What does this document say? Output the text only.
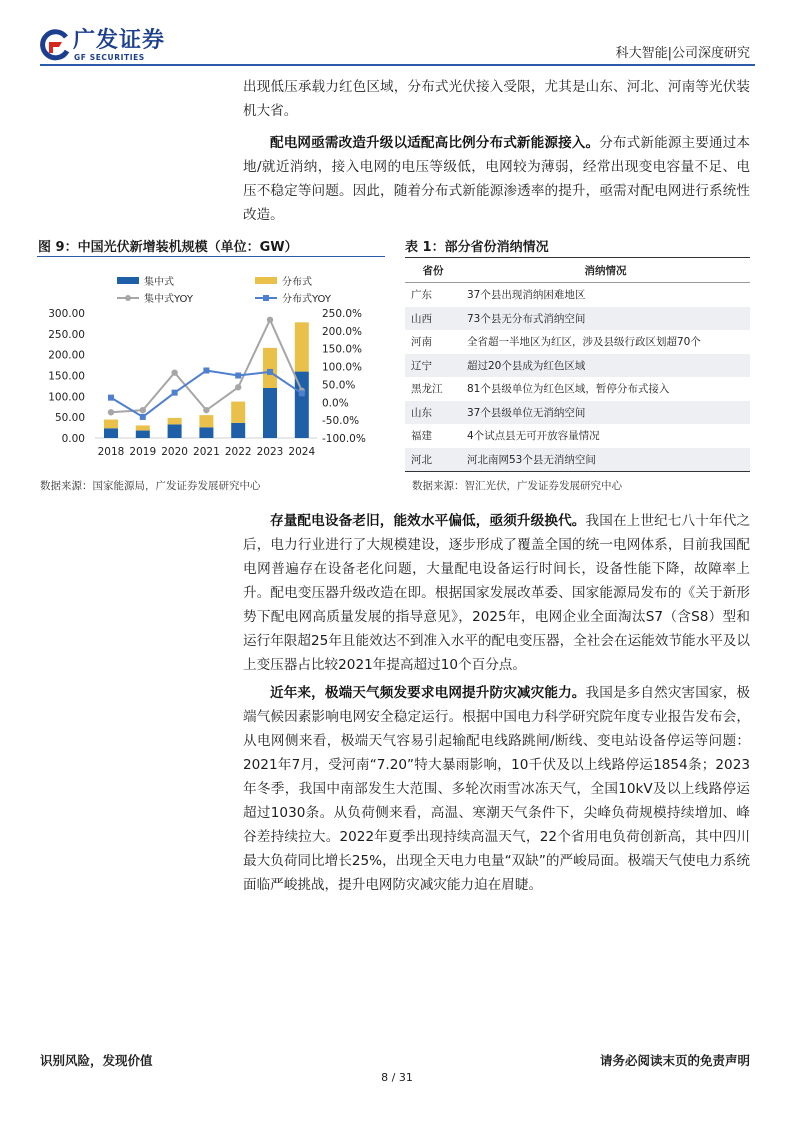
广发证券
GF SECURITIES	科大智能|公司深度研究

出现低压承载力红色区域，分布式光伏接入受限，尤其是山东、河北、河南等光伏装机大省。

配电网亟需改造升级以适配高比例分布式新能源接入。分布式新能源主要通过本地/就近消纳，接入电网的电压等级低，电网较为薄弱，经常出现变电容量不足、电压不稳定等问题。因此，随着分布式新能源渗透率的提升，亟需对配电网进行系统性改造。

图 9：中国光伏新增装机规模（单位：GW）
0.00
50.00
100.00
150.00
200.00
250.00
300.00
-100.0%
-50.0%
0.0%
50.0%
100.0%
150.0%
200.0%
250.0%
2018 2019 2020 2021 2022 2023 2024
集中式	分布式
集中式YOY	分布式YOY
数据来源：国家能源局，广发证券发展研究中心
表 1：部分省份消纳情况
省份	消纳情况
广东	37个县出现消纳困难地区
山西	73个县无分布式消纳空间
河南	全省超一半地区为红区，涉及县级行政区划超70个
辽宁	超过20个县成为红色区域
黑龙江	81个县级单位为红色区域，暂停分布式接入
山东	37个县级单位无消纳空间
福建	4个试点县无可开放容量情况
河北	河北南网53个县无消纳空间
数据来源：智汇光伏，广发证券发展研究中心

存量配电设备老旧，能效水平偏低，亟须升级换代。我国在上世纪七八十年代之后，电力行业进行了大规模建设，逐步形成了覆盖全国的统一电网体系，目前我国配电网普遍存在设备老化问题，大量配电设备运行时间长，设备性能下降，故障率上升。配电变压器升级改造在即。根据国家发展改革委、国家能源局发布的《关于新形势下配电网高质量发展的指导意见》，2025年，电网企业全面淘汰S7（含S8）型和运行年限超25年且能效达不到准入水平的配电变压器，全社会在运能效节能水平及以上变压器占比较2021年提高超过10个百分点。

近年来，极端天气频发要求电网提升防灾减灾能力。我国是多自然灾害国家，极端气候因素影响电网安全稳定运行。根据中国电力科学研究院年度专业报告发布会，从电网侧来看，极端天气容易引起输配电线路跳闸/断线、变电站设备停运等问题：2021年7月，受河南“7.20”特大暴雨影响，10千伏及以上线路停运1854条；2023年冬季，我国中南部发生大范围、多轮次雨雪冰冻天气，全国10kV及以上线路停运超过1030条。从负荷侧来看，高温、寒潮天气条件下，尖峰负荷规模持续增加、峰谷差持续拉大。2022年夏季出现持续高温天气，22个省用电负荷创新高，其中四川最大负荷同比增长25%，出现全天电力电量“双缺”的严峻局面。极端天气使电力系统面临严峻挑战，提升电网防灾减灾能力迫在眉睫。

识别风险，发现价值	请务必阅读末页的免责声明
8 / 31
